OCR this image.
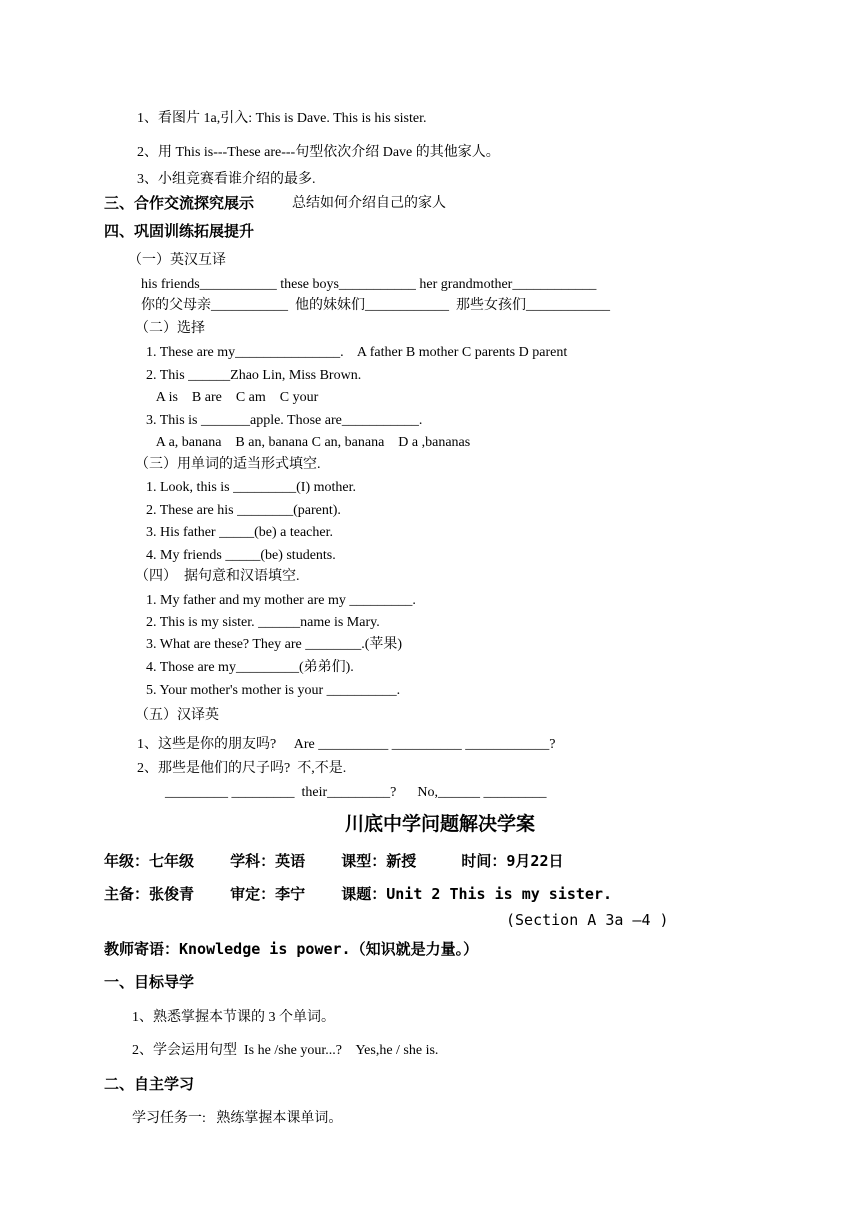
1、看图片 1a,引入: This is Dave. This is his sister.
2、用 This is---These are---句型依次介绍 Dave 的其他家人。
3、小组竞赛看谁介绍的最多.
三、合作交流探究展示	总结如何介绍自己的家人
四、巩固训练拓展提升
（一）英汉互译
his friends___________ these boys___________ her grandmother____________
你的父母亲___________  他的妹妹们____________  那些女孩们____________
（二）选择
1. These are my_______________.    A father B mother C parents D parent
2. This ______Zhao Lin, Miss Brown.
A is    B are    C am    C your
3. This is _______apple. Those are___________.
A a, banana    B an, banana C an, banana    D a ,bananas
（三）用单词的适当形式填空.
1. Look, this is _________(I) mother.
2. These are his ________(parent).
3. His father _____(be) a teacher.
4. My friends _____(be) students.
（四）  据句意和汉语填空.
1. My father and my mother are my _________.
2. This is my sister. ______name is Mary.
3. What are these? They are ________.(苹果)
4. Those are my_________(弟弟们).
5. Your mother's mother is your __________.
（五）汉译英
1、这些是你的朋友吗?     Are __________ __________ ____________?
2、那些是他们的尺子吗?  不,不是.
_________ _________  their_________?      No,______ _________
川底中学问题解决学案
年级：七年级    学科：英语    课型：新授     时间：9月22日
主备：张俊青    审定：李宁    课题：Unit 2 This is my sister.
(Section A 3a —4 )
教师寄语：Knowledge is power.（知识就是力量。）
一、目标导学
1、熟悉掌握本节课的 3 个单词。
2、学会运用句型  Is he /she your...?    Yes,he / she is.
二、自主学习
学习任务一:   熟练掌握本课单词。
